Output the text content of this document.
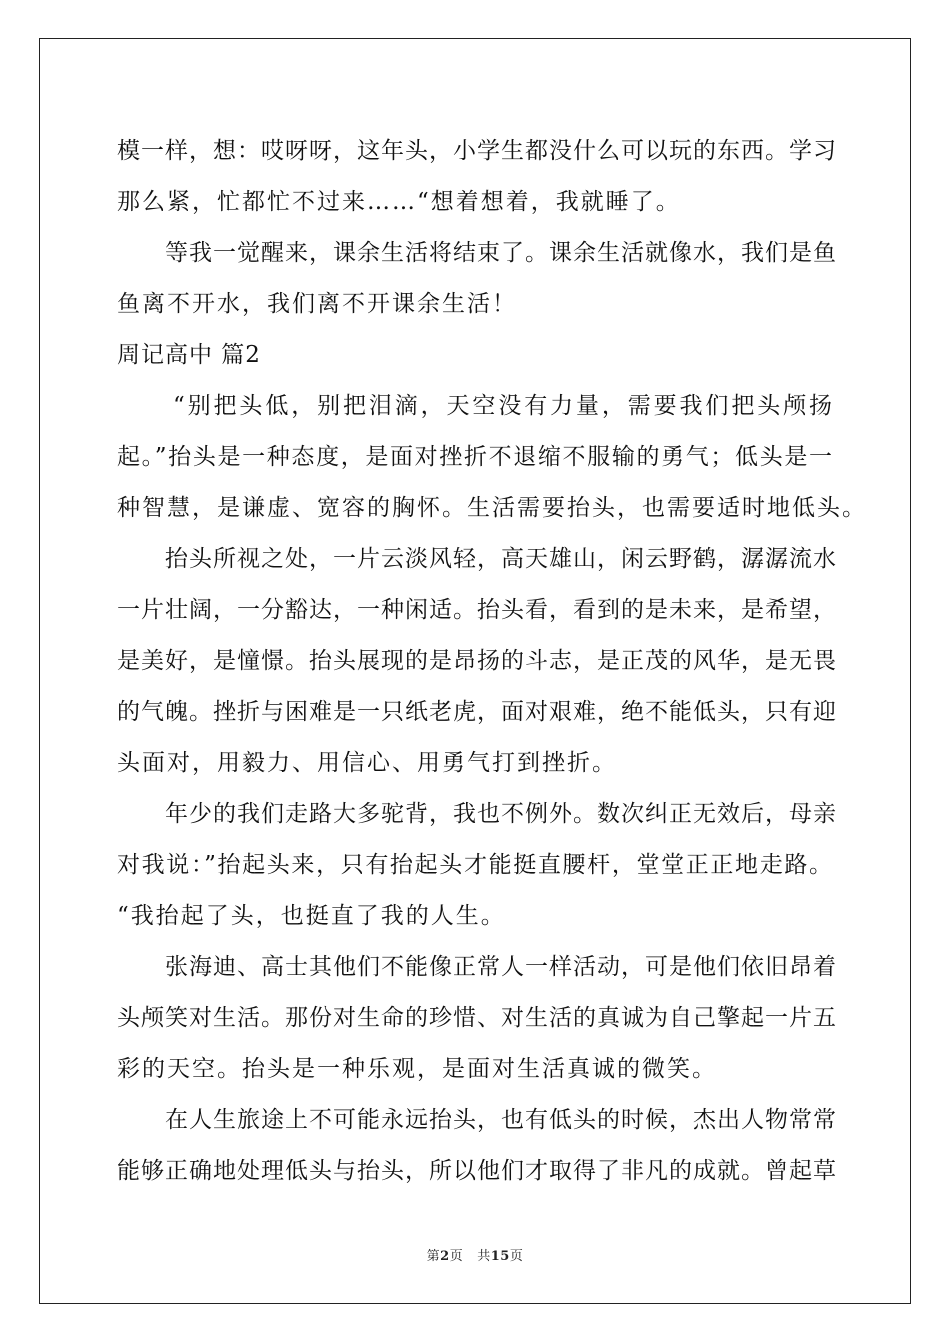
模一样，想：哎呀呀，这年头，小学生都没什么可以玩的东西。学习
那么紧，忙都忙不过来……“想着想着，我就睡了。
等我一觉醒来，课余生活将结束了。课余生活就像水，我们是鱼
鱼离不开水，我们离不开课余生活！
周记高中 篇2
“别把头低，别把泪滴，天空没有力量，需要我们把头颅扬
起。”抬头是一种态度，是面对挫折不退缩不服输的勇气；低头是一
种智慧，是谦虚、宽容的胸怀。生活需要抬头，也需要适时地低头。
抬头所视之处，一片云淡风轻，高天雄山，闲云野鹤，潺潺流水
一片壮阔，一分豁达，一种闲适。抬头看，看到的是未来，是希望，
是美好，是憧憬。抬头展现的是昂扬的斗志，是正茂的风华，是无畏
的气魄。挫折与困难是一只纸老虎，面对艰难，绝不能低头，只有迎
头面对，用毅力、用信心、用勇气打到挫折。
年少的我们走路大多驼背，我也不例外。数次纠正无效后，母亲
对我说：”抬起头来，只有抬起头才能挺直腰杆，堂堂正正地走路。
“我抬起了头，也挺直了我的人生。
张海迪、高士其他们不能像正常人一样活动，可是他们依旧昂着
头颅笑对生活。那份对生命的珍惜、对生活的真诚为自己擎起一片五
彩的天空。抬头是一种乐观，是面对生活真诚的微笑。
在人生旅途上不可能永远抬头，也有低头的时候，杰出人物常常
能够正确地处理低头与抬头，所以他们才取得了非凡的成就。曾起草
第2页 共15页
